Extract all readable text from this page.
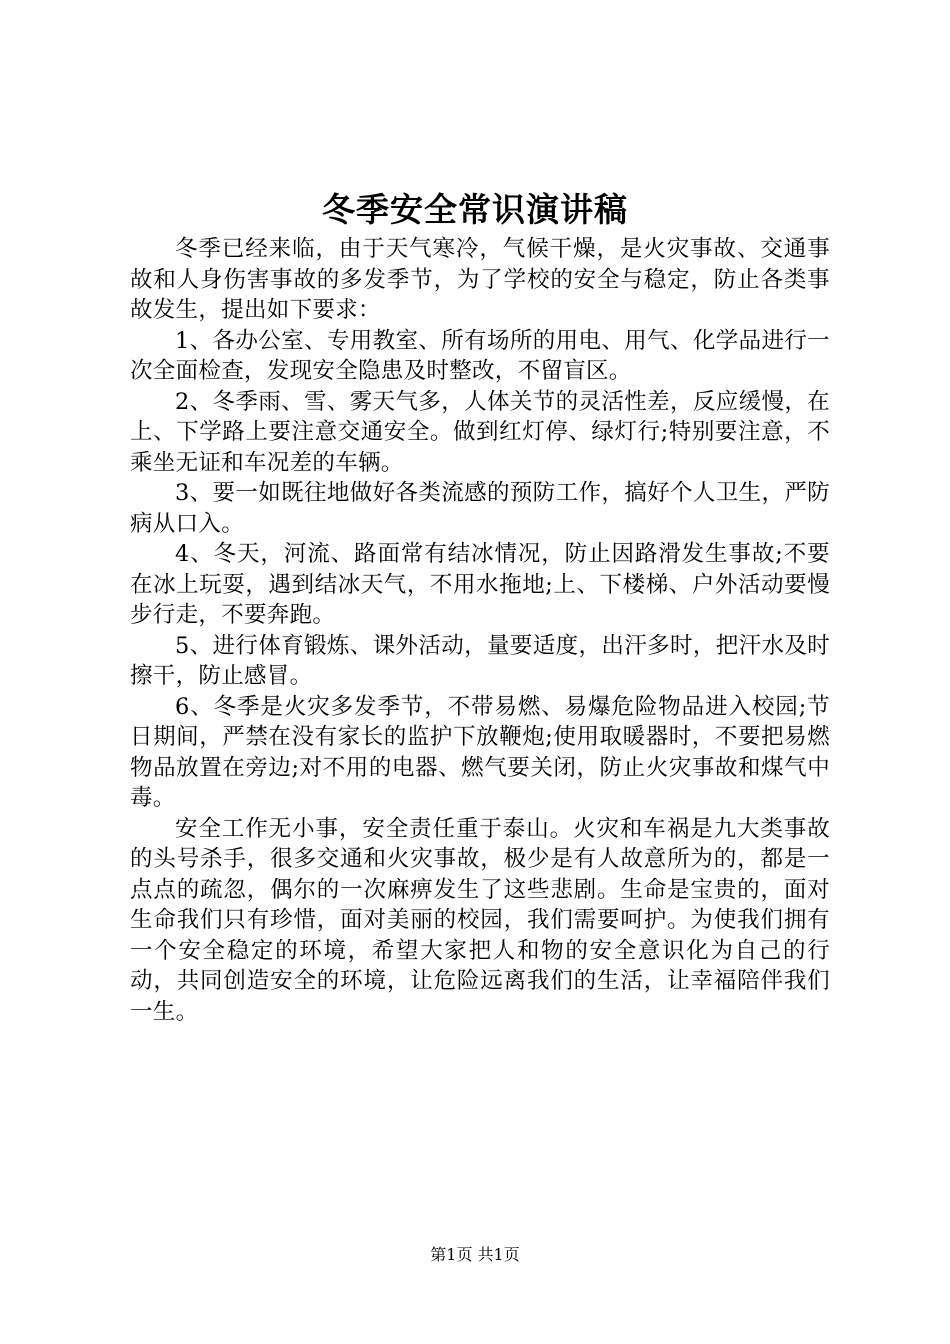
冬季安全常识演讲稿

冬季已经来临，由于天气寒冷，气候干燥，是火灾事故、交通事故和人身伤害事故的多发季节，为了学校的安全与稳定，防止各类事故发生，提出如下要求：

1、各办公室、专用教室、所有场所的用电、用气、化学品进行一次全面检查，发现安全隐患及时整改，不留盲区。

2、冬季雨、雪、雾天气多，人体关节的灵活性差，反应缓慢，在上、下学路上要注意交通安全。做到红灯停、绿灯行;特别要注意，不乘坐无证和车况差的车辆。

3、要一如既往地做好各类流感的预防工作，搞好个人卫生，严防病从口入。

4、冬天，河流、路面常有结冰情况，防止因路滑发生事故;不要在冰上玩耍，遇到结冰天气，不用水拖地;上、下楼梯、户外活动要慢步行走，不要奔跑。

5、进行体育锻炼、课外活动，量要适度，出汗多时，把汗水及时擦干，防止感冒。

6、冬季是火灾多发季节，不带易燃、易爆危险物品进入校园;节日期间，严禁在没有家长的监护下放鞭炮;使用取暖器时，不要把易燃物品放置在旁边;对不用的电器、燃气要关闭，防止火灾事故和煤气中毒。

安全工作无小事，安全责任重于泰山。火灾和车祸是九大类事故的头号杀手，很多交通和火灾事故，极少是有人故意所为的，都是一点点的疏忽，偶尔的一次麻痹发生了这些悲剧。生命是宝贵的，面对生命我们只有珍惜，面对美丽的校园，我们需要呵护。为使我们拥有一个安全稳定的环境，希望大家把人和物的安全意识化为自己的行动，共同创造安全的环境，让危险远离我们的生活，让幸福陪伴我们一生。

第1页 共1页
